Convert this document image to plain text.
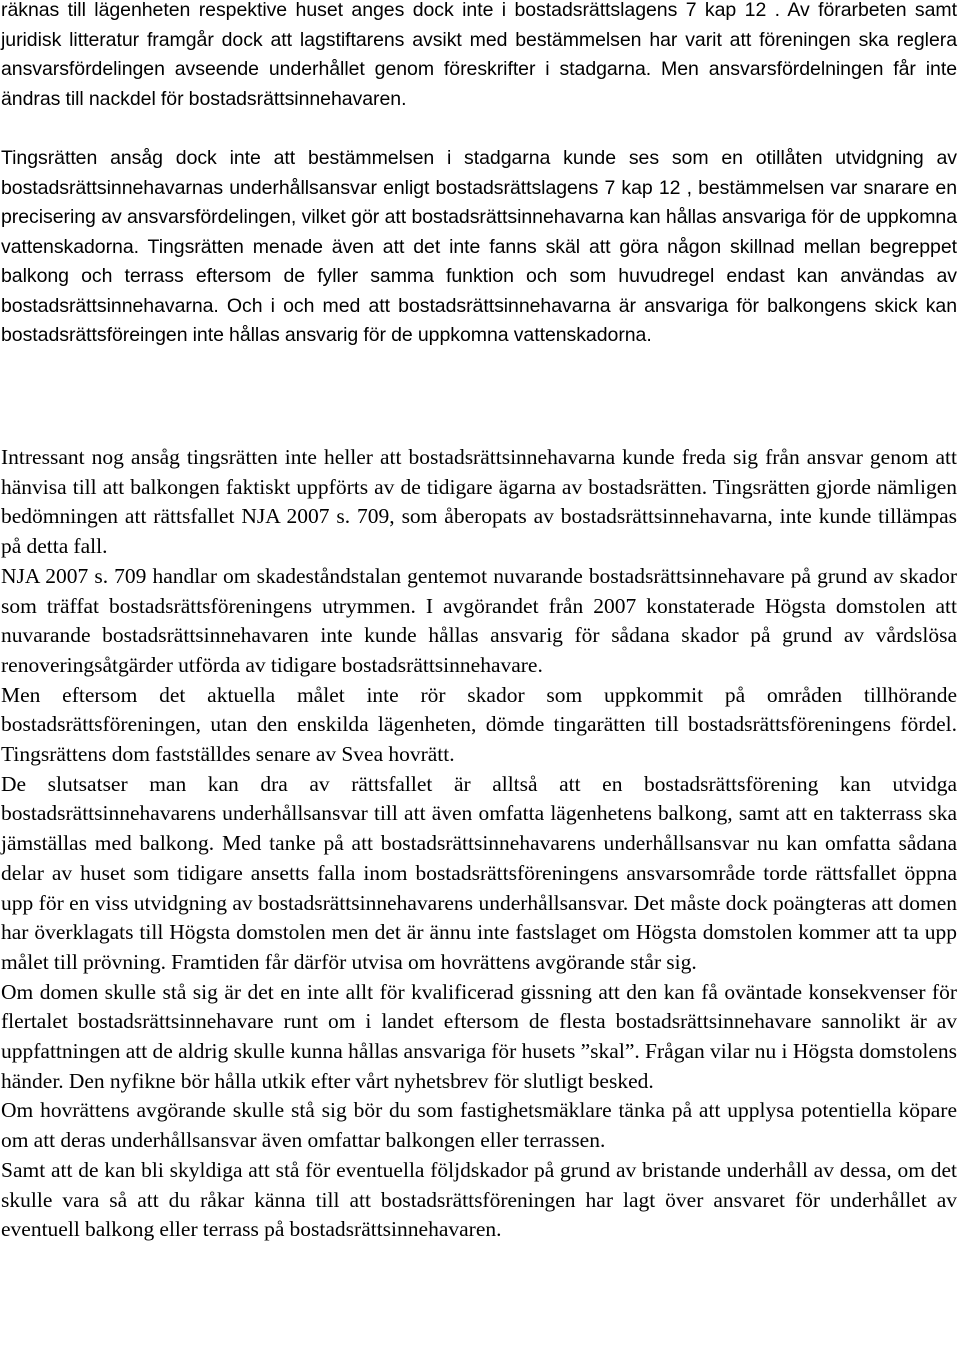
räknas till lägenheten respektive huset anges dock inte i bostadsrättslagens 7 kap 12 . Av förarbeten samt juridisk litteratur framgår dock att lagstiftarens avsikt med bestämmelsen har varit att föreningen ska reglera ansvarsfördelingen avseende underhållet genom föreskrifter i stadgarna. Men ansvarsfördelningen får inte ändras till nackdel för bostadsrättsinnehavaren.

Tingsrätten ansåg dock inte att bestämmelsen i stadgarna kunde ses som en otillåten utvidgning av bostadsrättsinnehavarnas underhållsansvar enligt bostadsrättslagens 7 kap 12 , bestämmelsen var snarare en precisering av ansvarsfördelingen, vilket gör att bostadsrättsinnehavarna kan hållas ansvariga för de uppkomna vattenskadorna. Tingsrätten menade även att det inte fanns skäl att göra någon skillnad mellan begreppet balkong och terrass eftersom de fyller samma funktion och som huvudregel endast kan användas av bostadsrättsinnehavarna. Och i och med att bostadsrättsinnehavarna är ansvariga för balkongens skick kan bostadsrättsföreingen inte hållas ansvarig för de uppkomna vattenskadorna.

Intressant nog ansåg tingsrätten inte heller att bostadsrättsinnehavarna kunde freda sig från ansvar genom att hänvisa till att balkongen faktiskt uppförts av de tidigare ägarna av bostadsrätten. Tingsrätten gjorde nämligen bedömningen att rättsfallet NJA 2007 s. 709, som åberopats av bostadsrättsinnehavarna, inte kunde tillämpas på detta fall.

NJA 2007 s. 709 handlar om skadeståndstalan gentemot nuvarande bostadsrättsinnehavare på grund av skador som träffat bostadsrättsföreningens utrymmen. I avgörandet från 2007 konstaterade Högsta domstolen att nuvarande bostadsrättsinnehavaren inte kunde hållas ansvarig för sådana skador på grund av vårdslösa renoveringsåtgärder utförda av tidigare bostadsrättsinnehavare.

Men eftersom det aktuella målet inte rör skador som uppkommit på områden tillhörande bostadsrättsföreningen, utan den enskilda lägenheten, dömde tingarätten till bostadsrättsföreningens fördel. Tingsrättens dom fastställdes senare av Svea hovrätt.

De slutsatser man kan dra av rättsfallet är alltså att en bostadsrättsförening kan utvidga bostadsrättsinnehavarens underhållsansvar till att även omfatta lägenhetens balkong, samt att en takterrass ska jämställas med balkong. Med tanke på att bostadsrättsinnehavarens underhållsansvar nu kan omfatta sådana delar av huset som tidigare ansetts falla inom bostadsrättsföreningens ansvarsområde torde rättsfallet öppna upp för en viss utvidgning av bostadsrättsinnehavarens underhållsansvar. Det måste dock poängteras att domen har överklagats till Högsta domstolen men det är ännu inte fastslaget om Högsta domstolen kommer att ta upp målet till prövning. Framtiden får därför utvisa om hovrättens avgörande står sig.

Om domen skulle stå sig är det en inte allt för kvalificerad gissning att den kan få oväntade konsekvenser för flertalet bostadsrättsinnehavare runt om i landet eftersom de flesta bostadsrättsinnehavare sannolikt är av uppfattningen att de aldrig skulle kunna hållas ansvariga för husets ”skal”. Frågan vilar nu i Högsta domstolens händer. Den nyfikne bör hålla utkik efter vårt nyhetsbrev för slutligt besked.

Om hovrättens avgörande skulle stå sig bör du som fastighetsmäklare tänka på att upplysa potentiella köpare om att deras underhållsansvar även omfattar balkongen eller terrassen.

Samt att de kan bli skyldiga att stå för eventuella följdskador på grund av bristande underhåll av dessa, om det skulle vara så att du råkar känna till att bostadsrättsföreningen har lagt över ansvaret för underhållet av eventuell balkong eller terrass på bostadsrättsinnehavaren.
